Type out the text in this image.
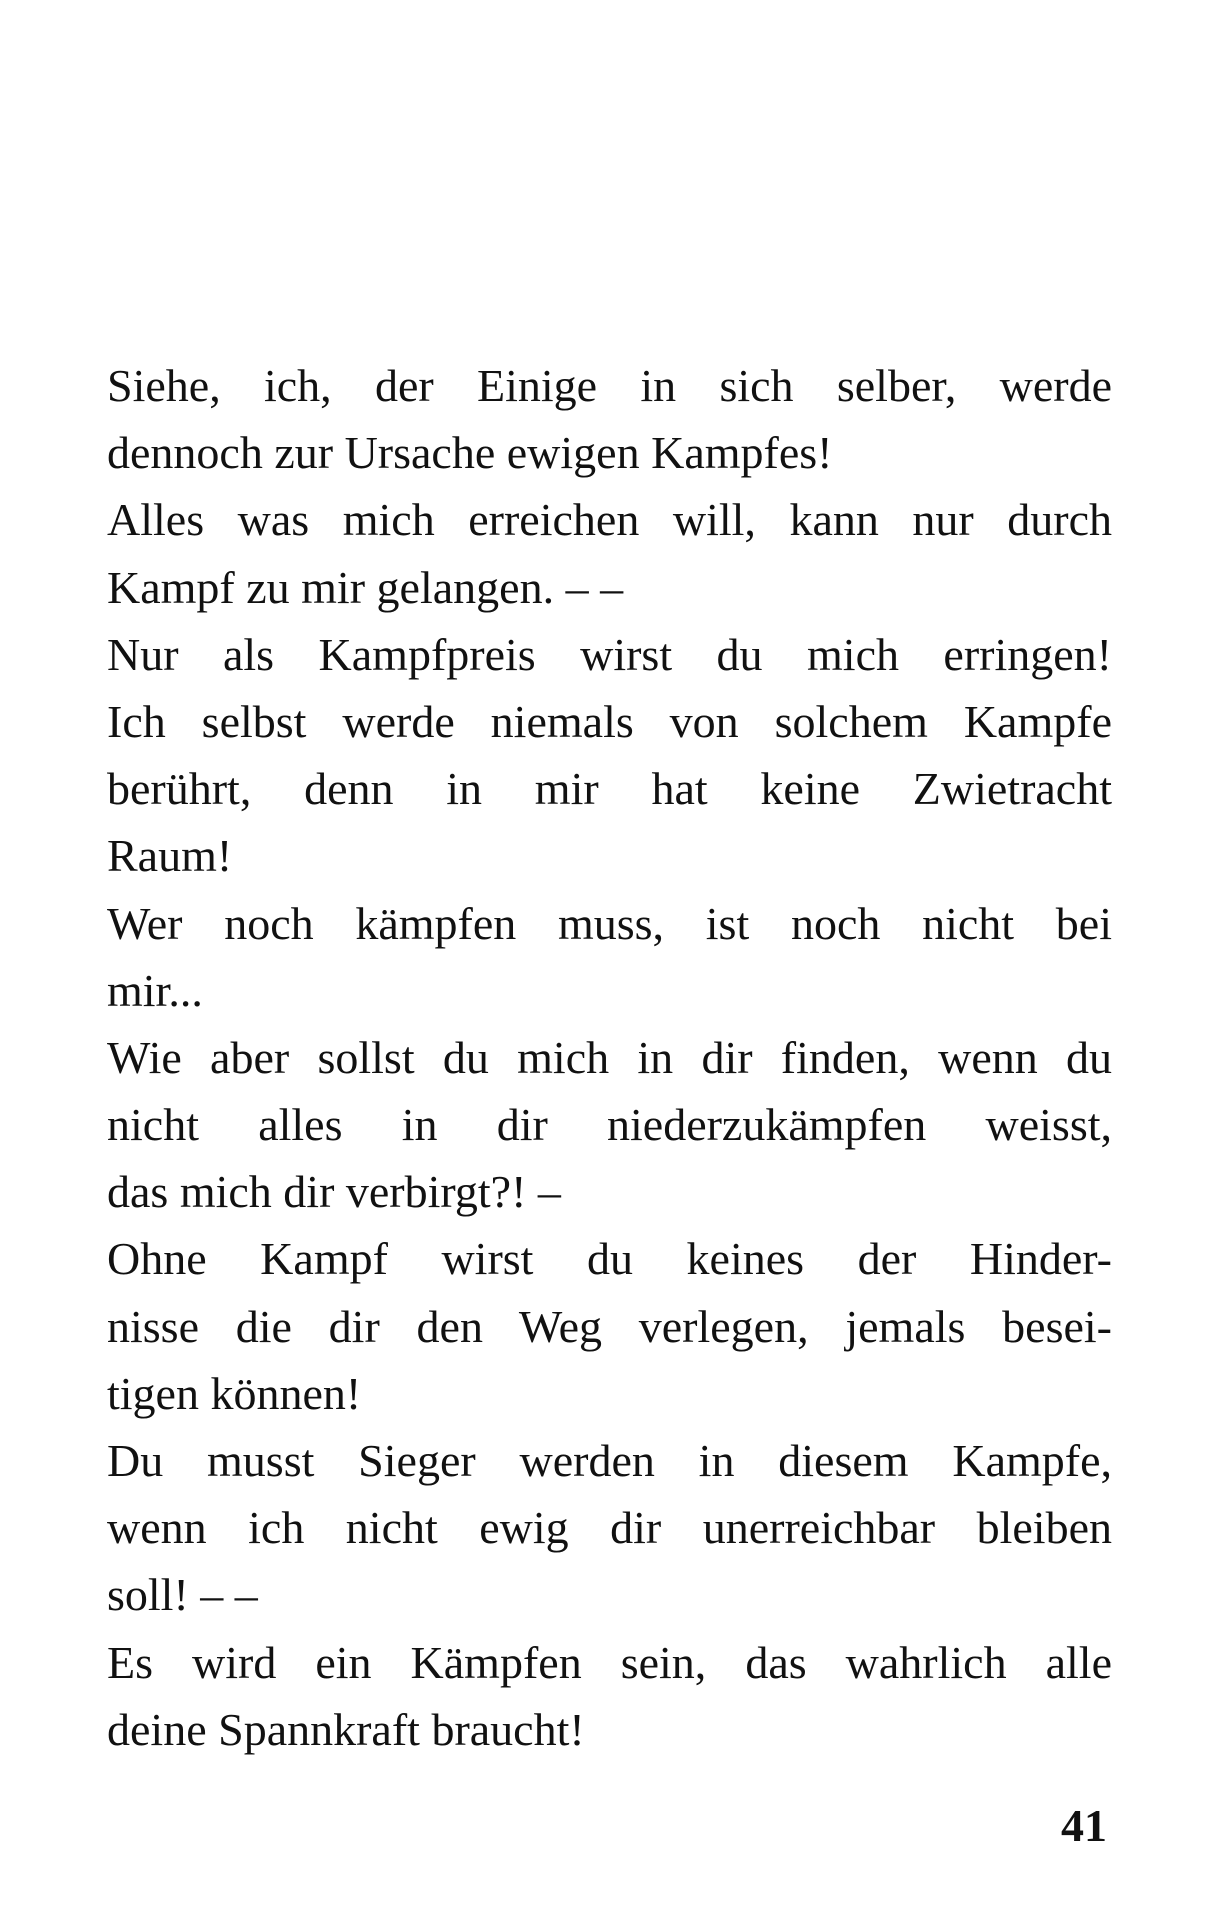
Siehe, ich, der Einige in sich selber, werde
dennoch zur Ursache ewigen Kampfes!
Alles was mich erreichen will, kann nur durch
Kampf zu mir gelangen. – –
Nur als Kampfpreis wirst du mich erringen!
Ich selbst werde niemals von solchem Kampfe
berührt, denn in mir hat keine Zwietracht
Raum!
Wer noch kämpfen muss, ist noch nicht bei
mir...
Wie aber sollst du mich in dir finden, wenn du
nicht alles in dir niederzukämpfen weisst,
das mich dir verbirgt?! –
Ohne Kampf wirst du keines der Hinder-
nisse die dir den Weg verlegen, jemals besei-
tigen können!
Du musst Sieger werden in diesem Kampfe,
wenn ich nicht ewig dir unerreichbar bleiben
soll! – –
Es wird ein Kämpfen sein, das wahrlich alle
deine Spannkraft braucht!
41
